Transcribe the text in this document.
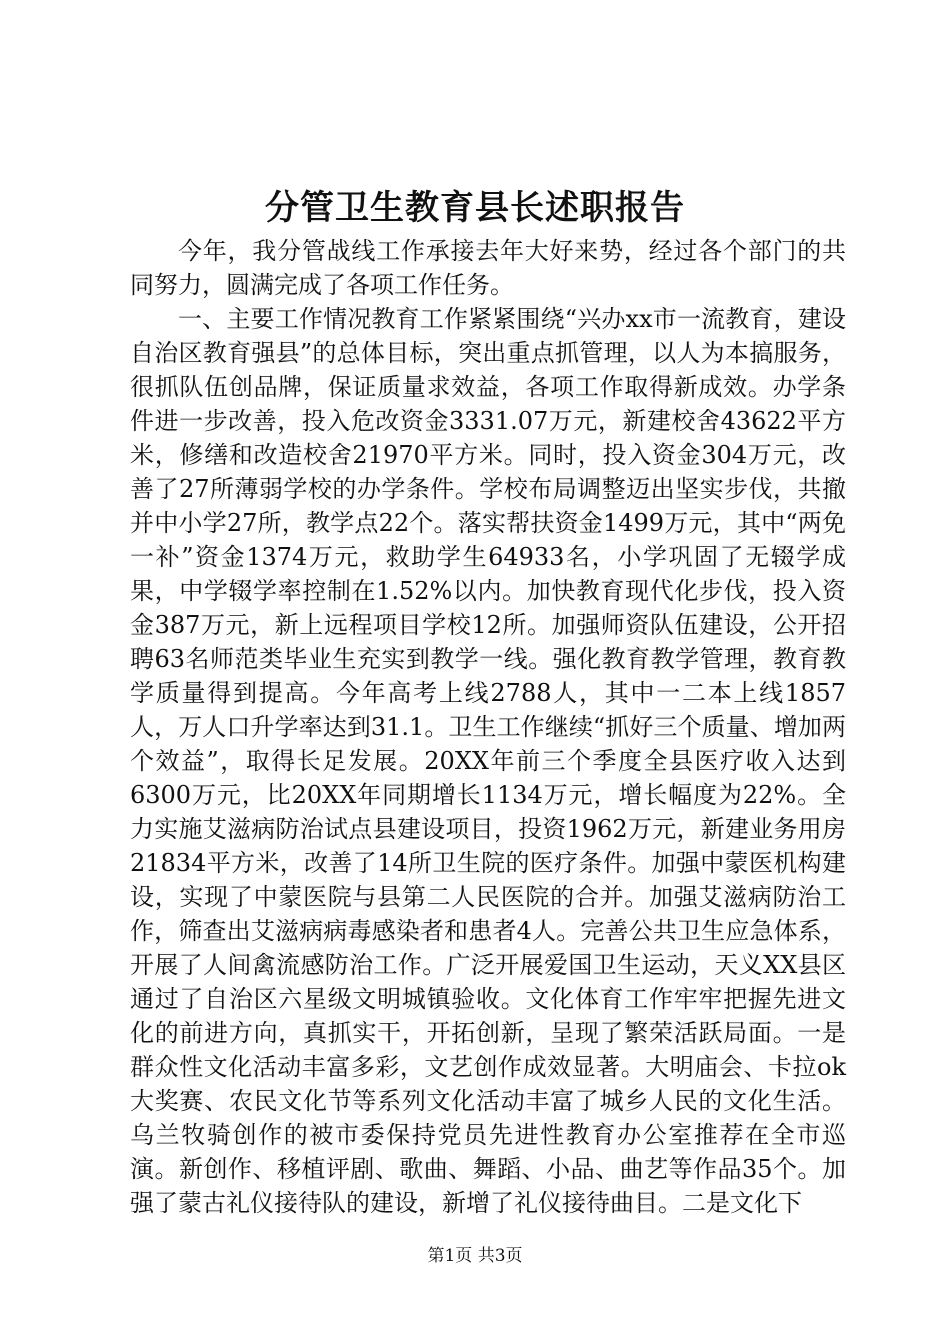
分管卫生教育县长述职报告

今年，我分管战线工作承接去年大好来势，经过各个部门的共同努力，圆满完成了各项工作任务。

一、主要工作情况教育工作紧紧围绕“兴办xx市一流教育，建设自治区教育强县”的总体目标，突出重点抓管理，以人为本搞服务，很抓队伍创品牌，保证质量求效益，各项工作取得新成效。办学条件进一步改善，投入危改资金3331.07万元，新建校舍43622平方米，修缮和改造校舍21970平方米。同时，投入资金304万元，改善了27所薄弱学校的办学条件。学校布局调整迈出坚实步伐，共撤并中小学27所，教学点22个。落实帮扶资金1499万元，其中“两免一补”资金1374万元，救助学生64933名，小学巩固了无辍学成果，中学辍学率控制在1.52%以内。加快教育现代化步伐，投入资金387万元，新上远程项目学校12所。加强师资队伍建设，公开招聘63名师范类毕业生充实到教学一线。强化教育教学管理，教育教学质量得到提高。今年高考上线2788人，其中一二本上线1857人，万人口升学率达到31.1。卫生工作继续“抓好三个质量、增加两个效益”，取得长足发展。20XX年前三个季度全县医疗收入达到6300万元，比20XX年同期增长1134万元，增长幅度为22%。全力实施艾滋病防治试点县建设项目，投资1962万元，新建业务用房21834平方米，改善了14所卫生院的医疗条件。加强中蒙医机构建设，实现了中蒙医院与县第二人民医院的合并。加强艾滋病防治工作，筛查出艾滋病病毒感染者和患者4人。完善公共卫生应急体系，开展了人间禽流感防治工作。广泛开展爱国卫生运动，天义XX县区通过了自治区六星级文明城镇验收。文化体育工作牢牢把握先进文化的前进方向，真抓实干，开拓创新，呈现了繁荣活跃局面。一是群众性文化活动丰富多彩，文艺创作成效显著。大明庙会、卡拉ok大奖赛、农民文化节等系列文化活动丰富了城乡人民的文化生活。乌兰牧骑创作的被市委保持党员先进性教育办公室推荐在全市巡演。新创作、移植评剧、歌曲、舞蹈、小品、曲艺等作品35个。加强了蒙古礼仪接待队的建设，新增了礼仪接待曲目。二是文化下

第1页 共3页
